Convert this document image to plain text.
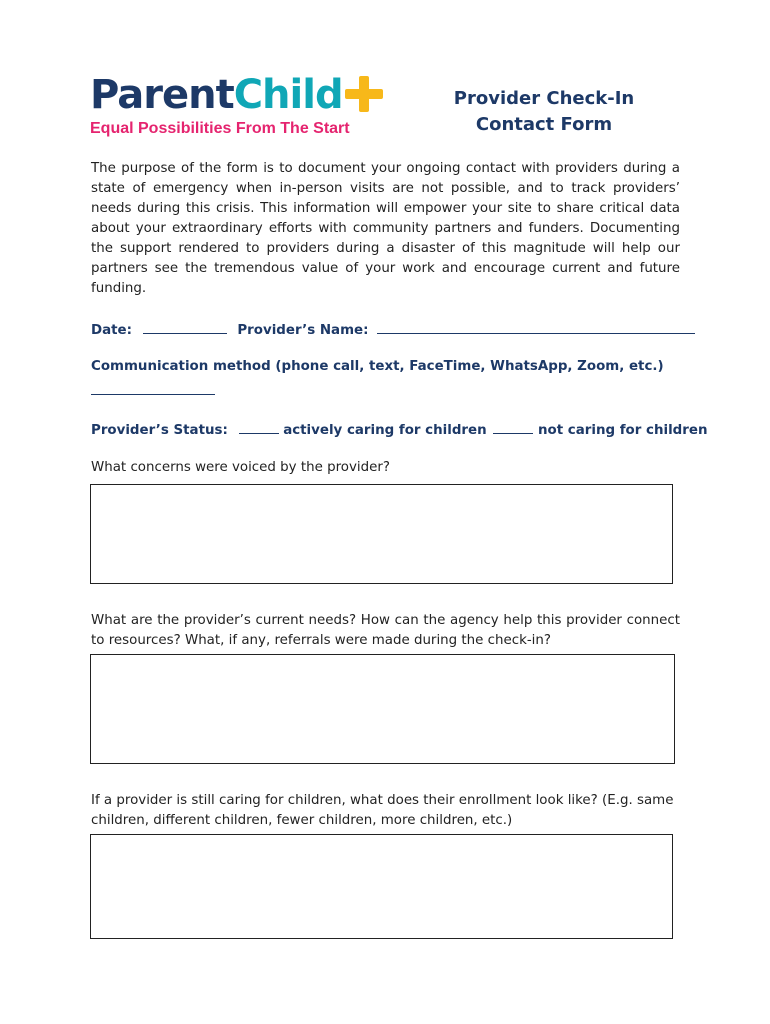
ParentChild
Equal Possibilities From The Start
Provider Check-In
Contact Form
The purpose of the form is to document your ongoing contact with providers during a state of emergency when in-person visits are not possible, and to track providers’ needs during this crisis. This information will empower your site to share critical data about your extraordinary efforts with community partners and funders. Documenting the support rendered to providers during a disaster of this magnitude will help our partners see the tremendous value of your work and encourage current and future funding.
Date:	Provider’s Name:
Communication method (phone call, text, FaceTime, WhatsApp, Zoom, etc.)
Provider’s Status:	actively caring for children	not caring for children
What concerns were voiced by the provider?
What are the provider’s current needs? How can the agency help this provider connect to resources? What, if any, referrals were made during the check-in?
If a provider is still caring for children, what does their enrollment look like? (E.g. same children, different children, fewer children, more children, etc.)
